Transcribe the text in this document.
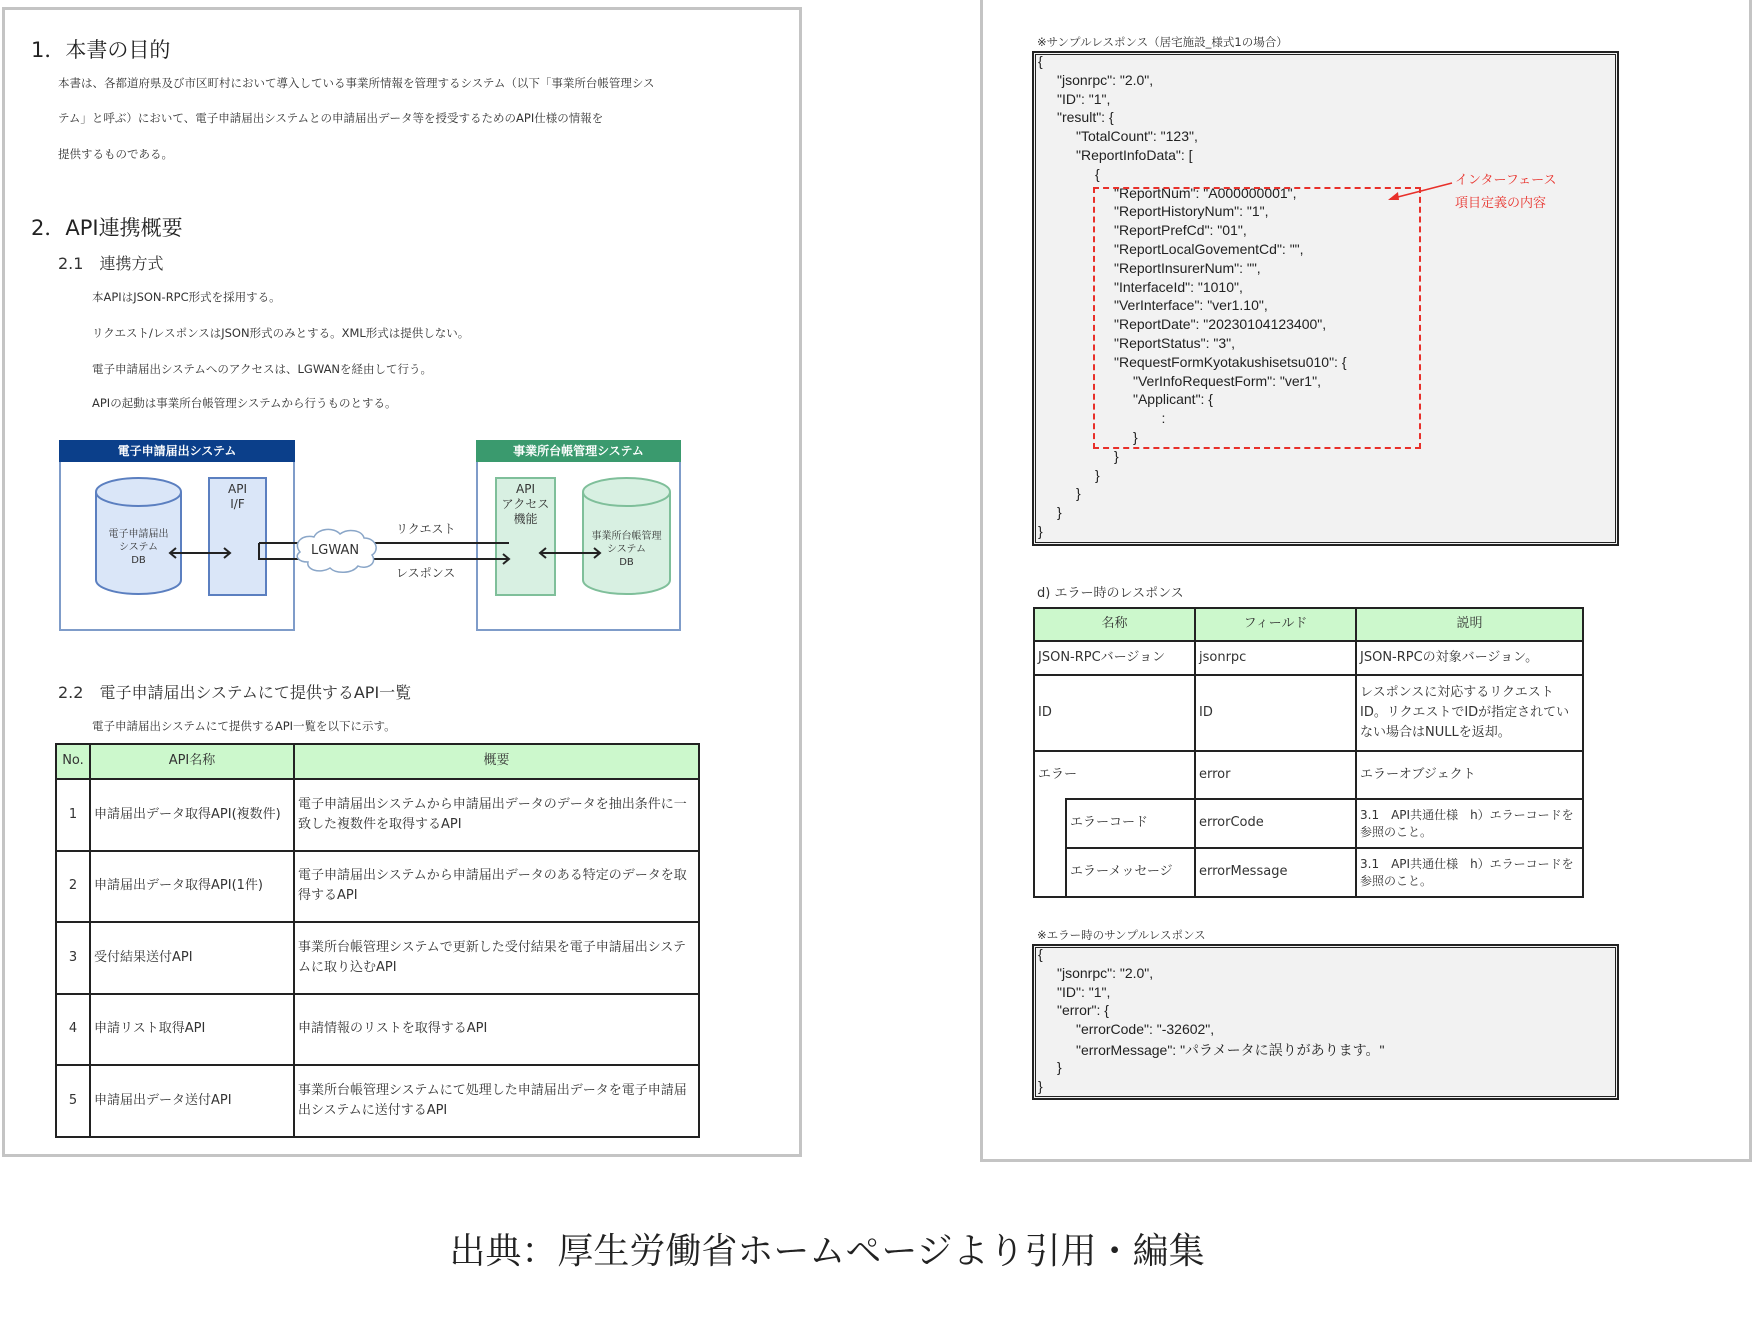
1．本書の目的
本書は、各都道府県及び市区町村において導入している事業所情報を管理するシステム（以下「事業所台帳管理シス
テム」と呼ぶ）において、電子申請届出システムとの申請届出データ等を授受するためのAPI仕様の情報を
提供するものである。
2．API連携概要
2.1　連携方式
本APIはJSON-RPC形式を採用する。
リクエスト/レスポンスはJSON形式のみとする。XML形式は提供しない。
電子申請届出システムへのアクセスは、LGWANを経由して行う。
APIの起動は事業所台帳管理システムから行うものとする。
電子申請届出システム	事業所台帳管理システム
電子申請届出
システム
DB
API
I/F
API
アクセス
機能
事業所台帳管理
システム
DB
LGWAN
リクエスト
レスポンス
2.2　電子申請届出システムにて提供するAPI一覧
電子申請届出システムにて提供するAPI一覧を以下に示す。
No.	API名称	概要
1	申請届出データ取得API(複数件)	電子申請届出システムから申請届出データのデータを抽出条件に一致した複数件を取得するAPI
2	申請届出データ取得API(1件)	電子申請届出システムから申請届出データのある特定のデータを取得するAPI
3	受付結果送付API	事業所台帳管理システムで更新した受付結果を電子申請届出システムに取り込むAPI
4	申請リスト取得API	申請情報のリストを取得するAPI
5	申請届出データ送付API	事業所台帳管理システムにて処理した申請届出データを電子申請届出システムに送付するAPI
※サンプルレスポンス（居宅施設_様式1の場合）
{
"jsonrpc": "2.0",
"ID": "1",
"result": {
"TotalCount": "123",
"ReportInfoData": [
{
"ReportNum": "A000000001",
"ReportHistoryNum": "1",
"ReportPrefCd": "01",
"ReportLocalGovementCd": "",
"ReportInsurerNum": "",
"InterfaceId": "1010",
"VerInterface": "ver1.10",
"ReportDate": "20230104123400",
"ReportStatus": "3",
"RequestFormKyotakushisetsu010": {
"VerInfoRequestForm": "ver1",
"Applicant": {
:
}
}
}
}
}
}
インターフェース
項目定義の内容
d) エラー時のレスポンス
名称		フィールド	説明
JSON-RPCバージョン		jsonrpc	JSON-RPCの対象バージョン。
ID		ID	レスポンスに対応するリクエストID。リクエストでIDが指定されていない場合はNULLを返却。
エラー		error	エラーオブジェクト
	エラーコード	errorCode	3.1　API共通仕様　h）エラーコードを参照のこと。
	エラーメッセージ	errorMessage	3.1　API共通仕様　h）エラーコードを参照のこと。
※エラー時のサンプルレスポンス
{
"jsonrpc": "2.0",
"ID": "1",
"error": {
"errorCode": "-32602",
"errorMessage": "パラメータに誤りがあります。"
}
}
出典：厚生労働省ホームページより引用・編集
